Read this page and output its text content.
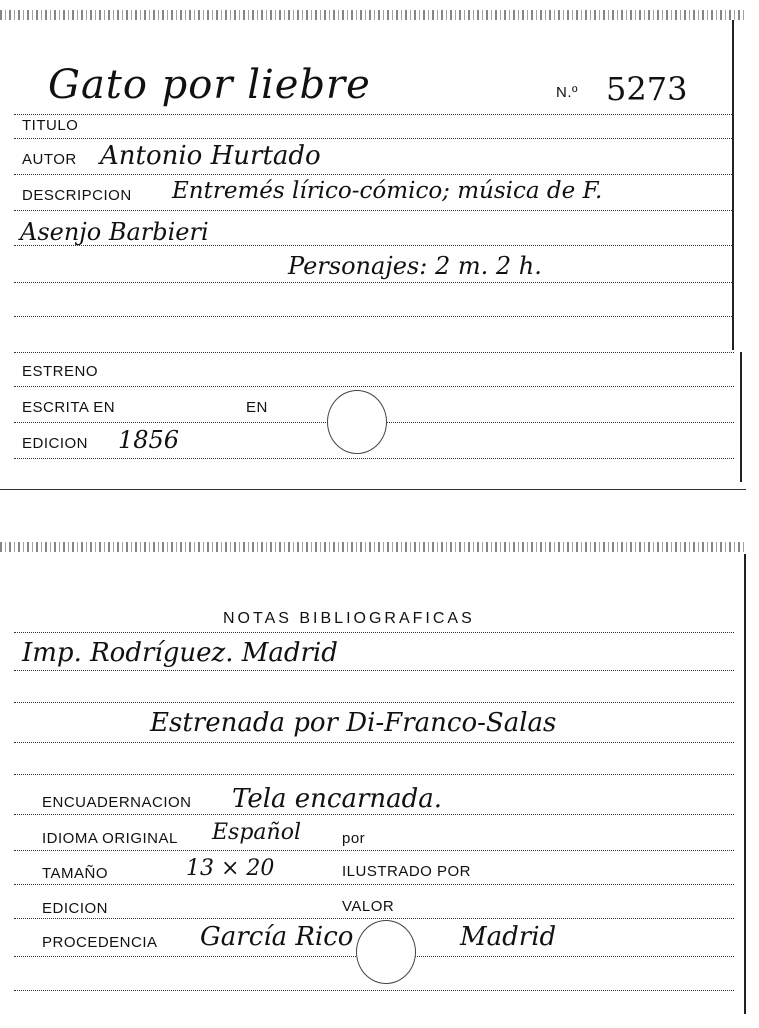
Gato por liebre	N.º 5273
TITULO
AUTOR Antonio Hurtado
DESCRIPCION Entremés lírico-cómico; música de F.
Asenjo Barbieri
Personajes: 2 m. 2 h.
ESTRENO
ESCRITA EN	EN
EDICION 1856
NOTAS BIBLIOGRAFICAS
Imp. Rodríguez. Madrid
Estrenada por Di-Franco-Salas
ENCUADERNACION Tela encarnada.
IDIOMA ORIGINAL Español	por
TAMAÑO	13 × 20	ILUSTRADO POR
EDICION	VALOR
PROCEDENCIA García Rico	Madrid
